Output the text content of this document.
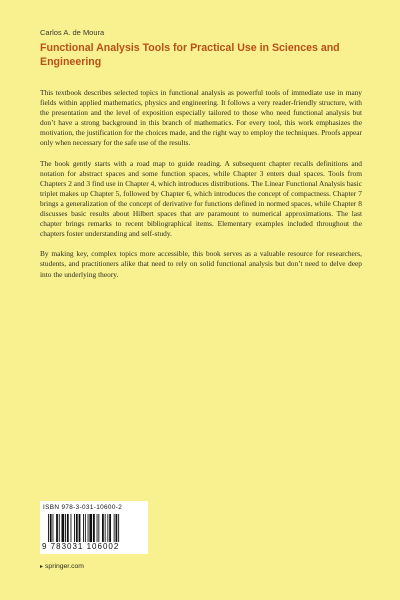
Carlos A. de Moura
Functional Analysis Tools for Practical Use in Sciences and Engineering

This textbook describes selected topics in functional analysis as powerful tools of immediate use in many fields within applied mathematics, physics and engineering. It follows a very reader-friendly structure, with the presentation and the level of exposition especially tailored to those who need functional analysis but don’t have a strong background in this branch of mathematics. For every tool, this work emphasizes the motivation, the justification for the choices made, and the right way to employ the techniques. Proofs appear only when necessary for the safe use of the results.

The book gently starts with a road map to guide reading. A subsequent chapter recalls definitions and notation for abstract spaces and some function spaces, while Chapter 3 enters dual spaces. Tools from Chapters 2 and 3 find use in Chapter 4, which introduces distributions. The Linear Functional Analysis basic triplet makes up Chapter 5, followed by Chapter 6, which introduces the concept of compactness. Chapter 7 brings a generalization of the concept of derivative for functions defined in normed spaces, while Chapter 8 discusses basic results about Hilbert spaces that are paramount to numerical approximations. The last chapter brings remarks to recent bibliographical items. Elementary examples included throughout the chapters foster understanding and self-study.

By making key, complex topics more accessible, this book serves as a valuable resource for researchers, students, and practitioners alike that need to rely on solid functional analysis but don’t need to delve deep into the underlying theory.

ISBN 978-3-031-10600-2
9 783031 106002
▸ springer.com
